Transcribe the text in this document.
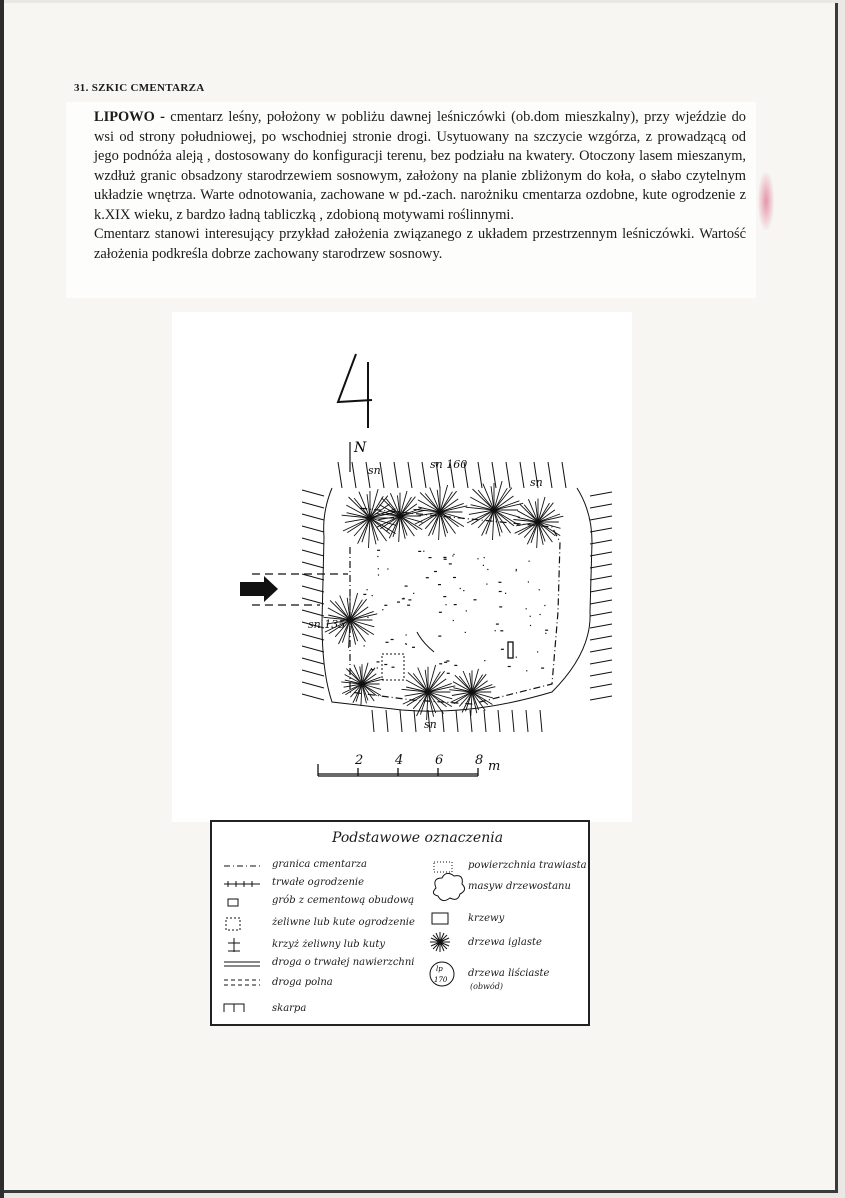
31. SZKIC CMENTARZA

LIPOWO - cmentarz leśny, położony w pobliżu dawnej leśniczówki (ob.dom mieszkalny), przy wjeździe do wsi od strony południowej, po wschodniej stronie drogi. Usytuowany na szczycie wzgórza, z prowadzącą od jego podnóża aleją , dostosowany do konfiguracji terenu, bez podziału na kwatery. Otoczony lasem mieszanym, wzdłuż granic obsadzony starodrzewiem sosnowym, założony na planie zbliżonym do koła, o słabo czytelnym układzie wnętrza. Warte odnotowania, zachowane w pd.-zach. narożniku cmentarza ozdobne, kute ogrodzenie z k.XIX wieku, z bardzo ładną tabliczką , zdobioną motywami roślinnymi.

Cmentarz stanowi interesujący przykład założenia związanego z układem przestrzennym leśniczówki. Wartość założenia podkreśla dobrze zachowany starodrzew sosnowy.

4
N
sn	sn 160
sn
sn 135
sn
2 4 6 8 m
Podstawowe oznaczenia
lp
170
granica cmentarza
trwałe ogrodzenie
grób z cementową obudową
żeliwne lub kute ogrodzenie
krzyż żeliwny lub kuty
droga o trwałej nawierzchni
droga polna
skarpa
powierzchnia trawiasta
masyw drzewostanu
krzewy
drzewa iglaste
drzewa liściaste
(obwód)
